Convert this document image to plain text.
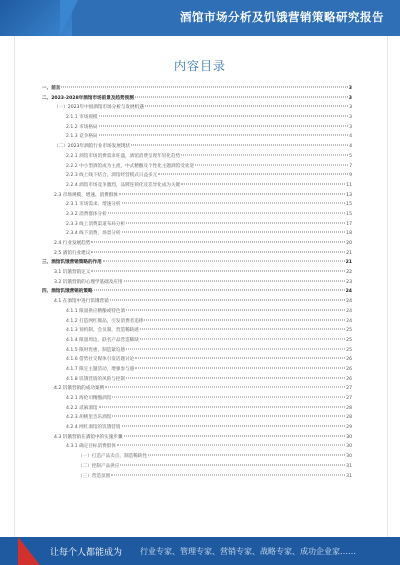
酒馆市场分析及饥饿营销策略研究报告
内容目录
一、前言	3
二、2023-2028年酒馆市场前景及趋势预测	3
（一）2023年中国酒馆市场分析与发展机遇	3
2.1.1 市场规模	3
2.1.2 市场格局	3
2.1.3 竞争格局	4
（二）2023年酒馆行业市场发展现状	4
2.2.1 酒馆市场消费需求旺盛，酒馆消费呈现年轻化趋势	5
2.2.2 中小型酒馆成为主流，中式精酿及个性化主题酒馆受欢迎	7
2.2.3 线上线下结合，酒馆经营模式日益多元	9
2.2.4 酒馆市场竞争激烈，品牌连锁化及差异化成为关键	11
2.3 市场规模、增速、消费群体	13
2.3.1 市场需求、增速分析	15
2.3.2 消费群体分析	15
2.3.3 线上消费渠道布局分析	17
2.3.4 线下消费、场景分析	18
2.4 行业发展趋势	20
2.5 酒馆行业建议	21
三、酒馆饥饿营销策略的作用	21
3.1 饥饿营销定义	22
3.2 饥饿营销的心理学基础及应用	23
四、酒馆饥饿营销的策略	24
4.1 在酒馆中进行饥饿营销	24
4.1.1 限量供应精酿或特色酒	24
4.1.2 打造网红爆品，引发消费者追捧	24
4.1.3 预约制、会员制，营造稀缺感	25
4.1.4 限量周边、联名产品营造稀缺	25
4.1.5 限时优惠，制造紧迫感	25
4.1.6 借势社交媒体引发话题讨论	26
4.1.7 限定主题活动，增强参与感	26
4.1.8 饥饿营销的风险与控制	26
4.2 饥饿营销的成功案例	27
4.2.1 海伦司精酿酒馆	27
4.2.2 贰麻酒馆	28
4.2.3 胡桃里音乐酒馆	28
4.2.4 网红酒馆的饥饿营销	29
4.3 饥饿营销在酒馆中的实施步骤	30
4.3.1 确定目标消费群体	30
（一）打造产品卖点，制造稀缺性	30
（二）控制产品供应	31
（三）营造氛围	31
让每个人都能成为 行业专家、管理专家、营销专家、战略专家、成功企业家……
